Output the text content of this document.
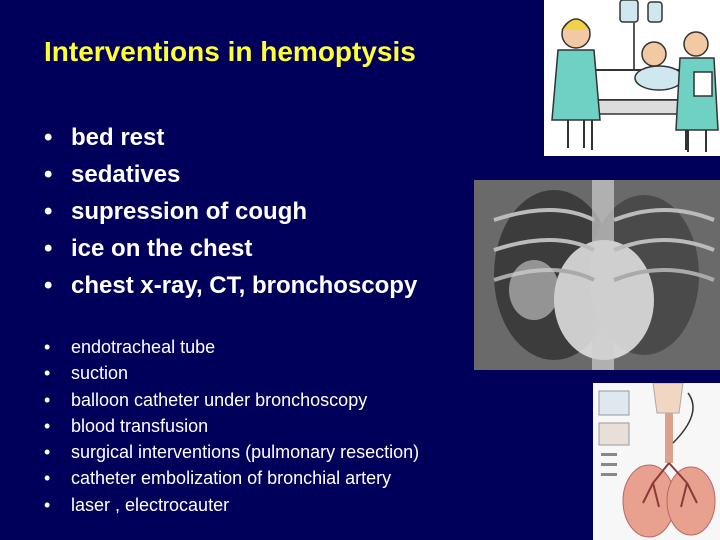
Interventions in hemoptysis
• bed rest
• sedatives
• supression of cough
• ice on the chest
• chest x-ray, CT, bronchoscopy
•	endotracheal tube
•	suction
•	balloon catheter under bronchoscopy
•	blood transfusion
•	surgical interventions (pulmonary resection)
•	catheter embolization of bronchial artery
•	laser , electrocauter
